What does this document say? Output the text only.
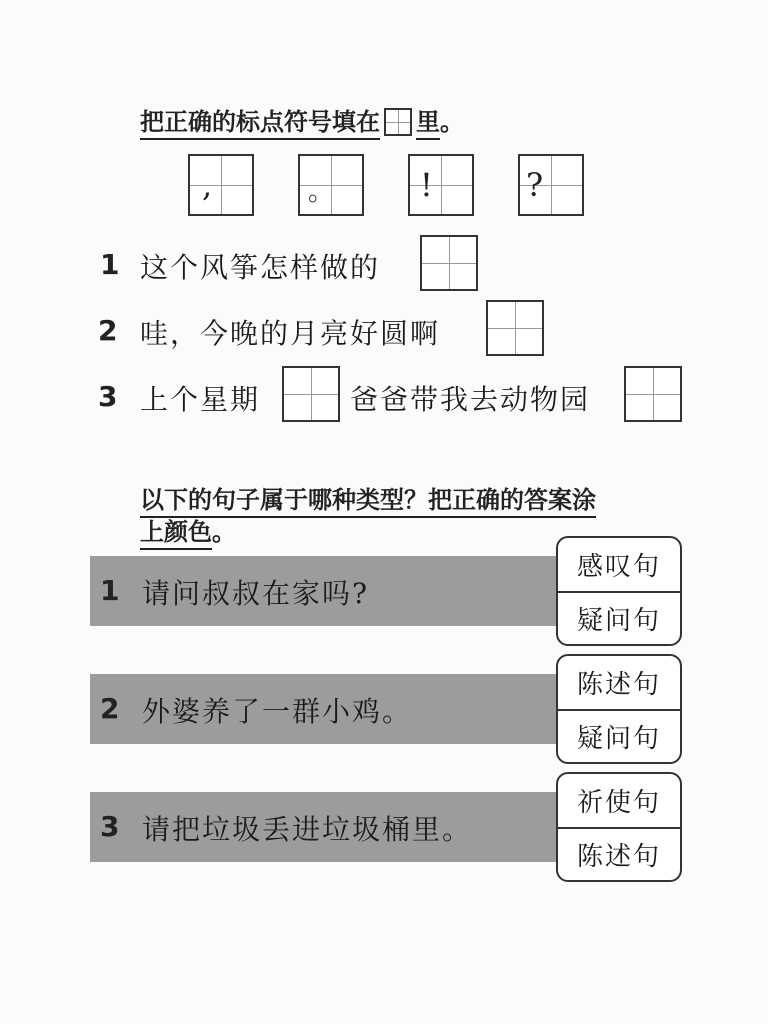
把正确的标点符号填在 里。
,	。	!	?
1 这个风筝怎样做的
2 哇，今晚的月亮好圆啊
3 上个星期	爸爸带我去动物园
以下的句子属于哪种类型？把正确的答案涂
上颜色。
1 请问叔叔在家吗?
感叹句
疑问句
2 外婆养了一群小鸡。
陈述句
疑问句
3 请把垃圾丢进垃圾桶里。
祈使句
陈述句
